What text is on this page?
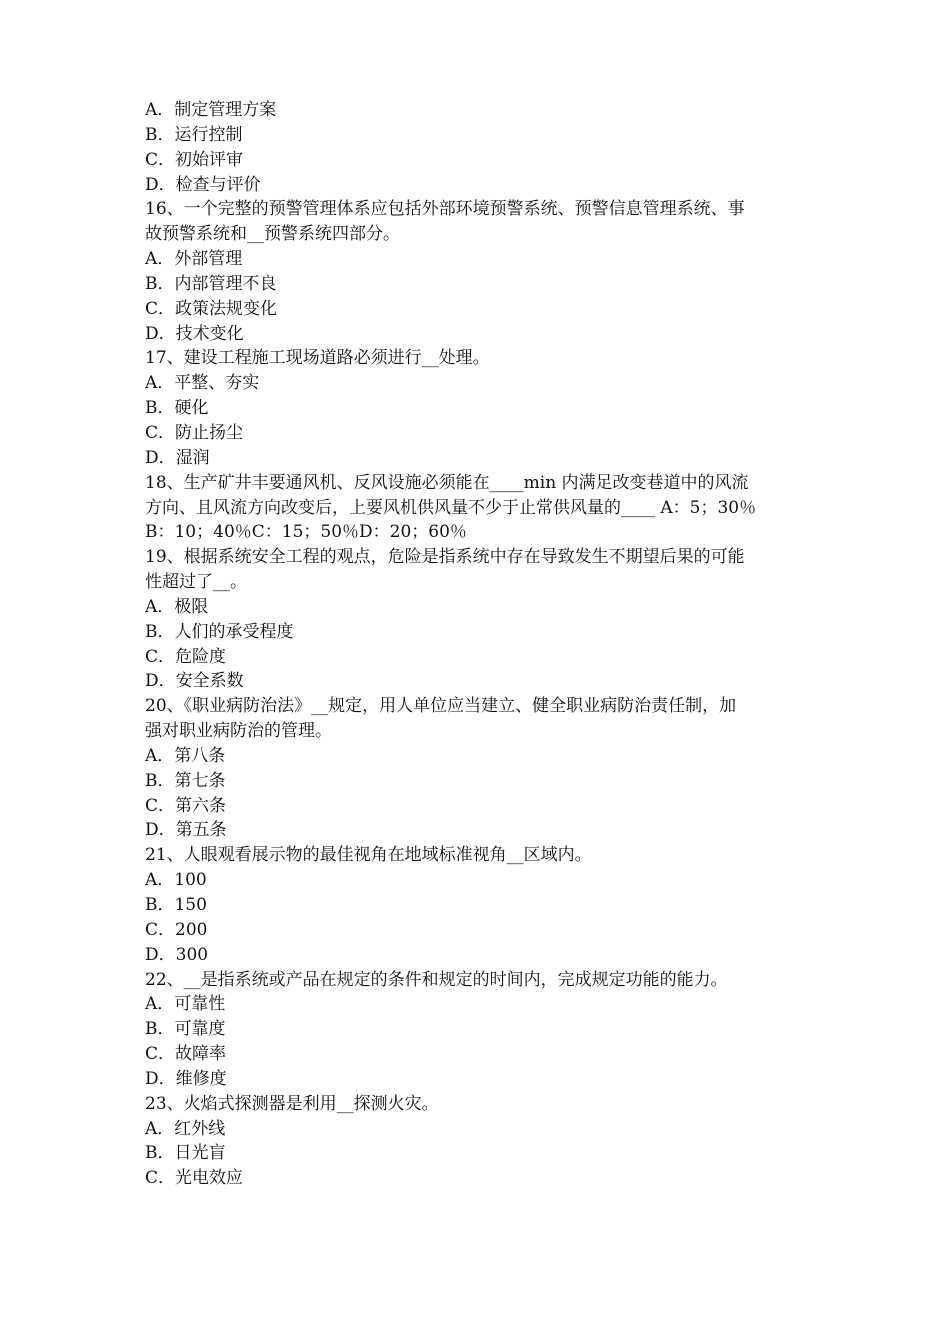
A．制定管理方案
B．运行控制
C．初始评审
D．检查与评价
16、一个完整的预警管理体系应包括外部环境预警系统、预警信息管理系统、事
故预警系统和__预警系统四部分。
A．外部管理
B．内部管理不良
C．政策法规变化
D．技术变化
17、建设工程施工现场道路必须进行__处理。
A．平整、夯实
B．硬化
C．防止扬尘
D．湿润
18、生产矿井丰要通风机、反风设施必须能在____min 内满足改变巷道中的风流
方向、且风流方向改变后，上要风机供风量不少于止常供风量的____ A：5；30％
B：10；40％C：15；50％D：20；60％
19、根据系统安全工程的观点，危险是指系统中存在导致发生不期望后果的可能
性超过了__。
A．极限
B．人们的承受程度
C．危险度
D．安全系数
20、《职业病防治法》__规定，用人单位应当建立、健全职业病防治责任制，加
强对职业病防治的管理。
A．第八条
B．第七条
C．第六条
D．第五条
21、人眼观看展示物的最佳视角在地域标准视角__区域内。
A．100
B．150
C．200
D．300
22、__是指系统或产品在规定的条件和规定的时间内，完成规定功能的能力。
A．可靠性
B．可靠度
C．故障率
D．维修度
23、火焰式探测器是利用__探测火灾。
A．红外线
B．日光盲
C．光电效应
